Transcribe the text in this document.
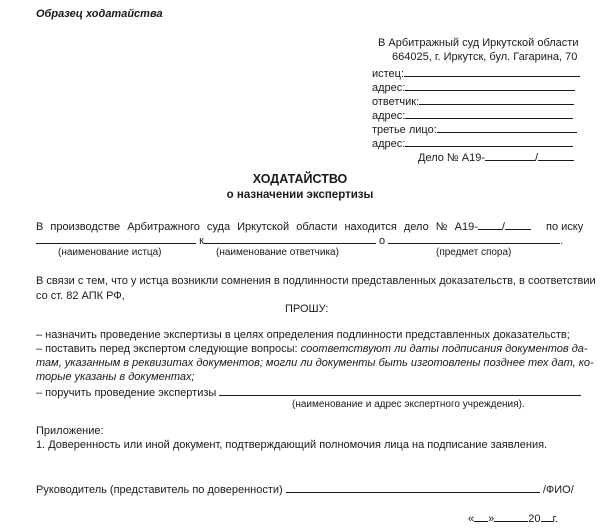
Образец ходатайства
В Арбитражный суд Иркутской области
664025, г. Иркутск, бул. Гагарина, 70
истец:
адрес:
ответчик:
адрес:
третье лицо:
адрес:
Дело № А19-	/
ХОДАТАЙСТВО
о назначении экспертизы
В производстве Арбитражного суда Иркутской области находится дело № А19- /	по иску
к	о	.
(наименование истца)	(наименование ответчика)	(предмет спора)
В связи с тем, что у истца возникли сомнения в подлинности представленных доказательств, в соответствии
со ст. 82 АПК РФ,
ПРОШУ:
– назначить проведение экспертизы в целях определения подлинности представленных доказательств;
– поставить перед экспертом следующие вопросы: соответствуют ли даты подписания документов да-
там, указанным в реквизитах документов; могли ли документы быть изготовлены позднее тех дат, ко-
торые указаны в документах;
– поручить проведение экспертизы
(наименование и адрес экспертного учреждения).
Приложение:
1. Доверенность или иной документ, подтверждающий полномочия лица на подписание заявления.
Руководитель (представитель по доверенности)	/ФИО/
« »	20 г.
